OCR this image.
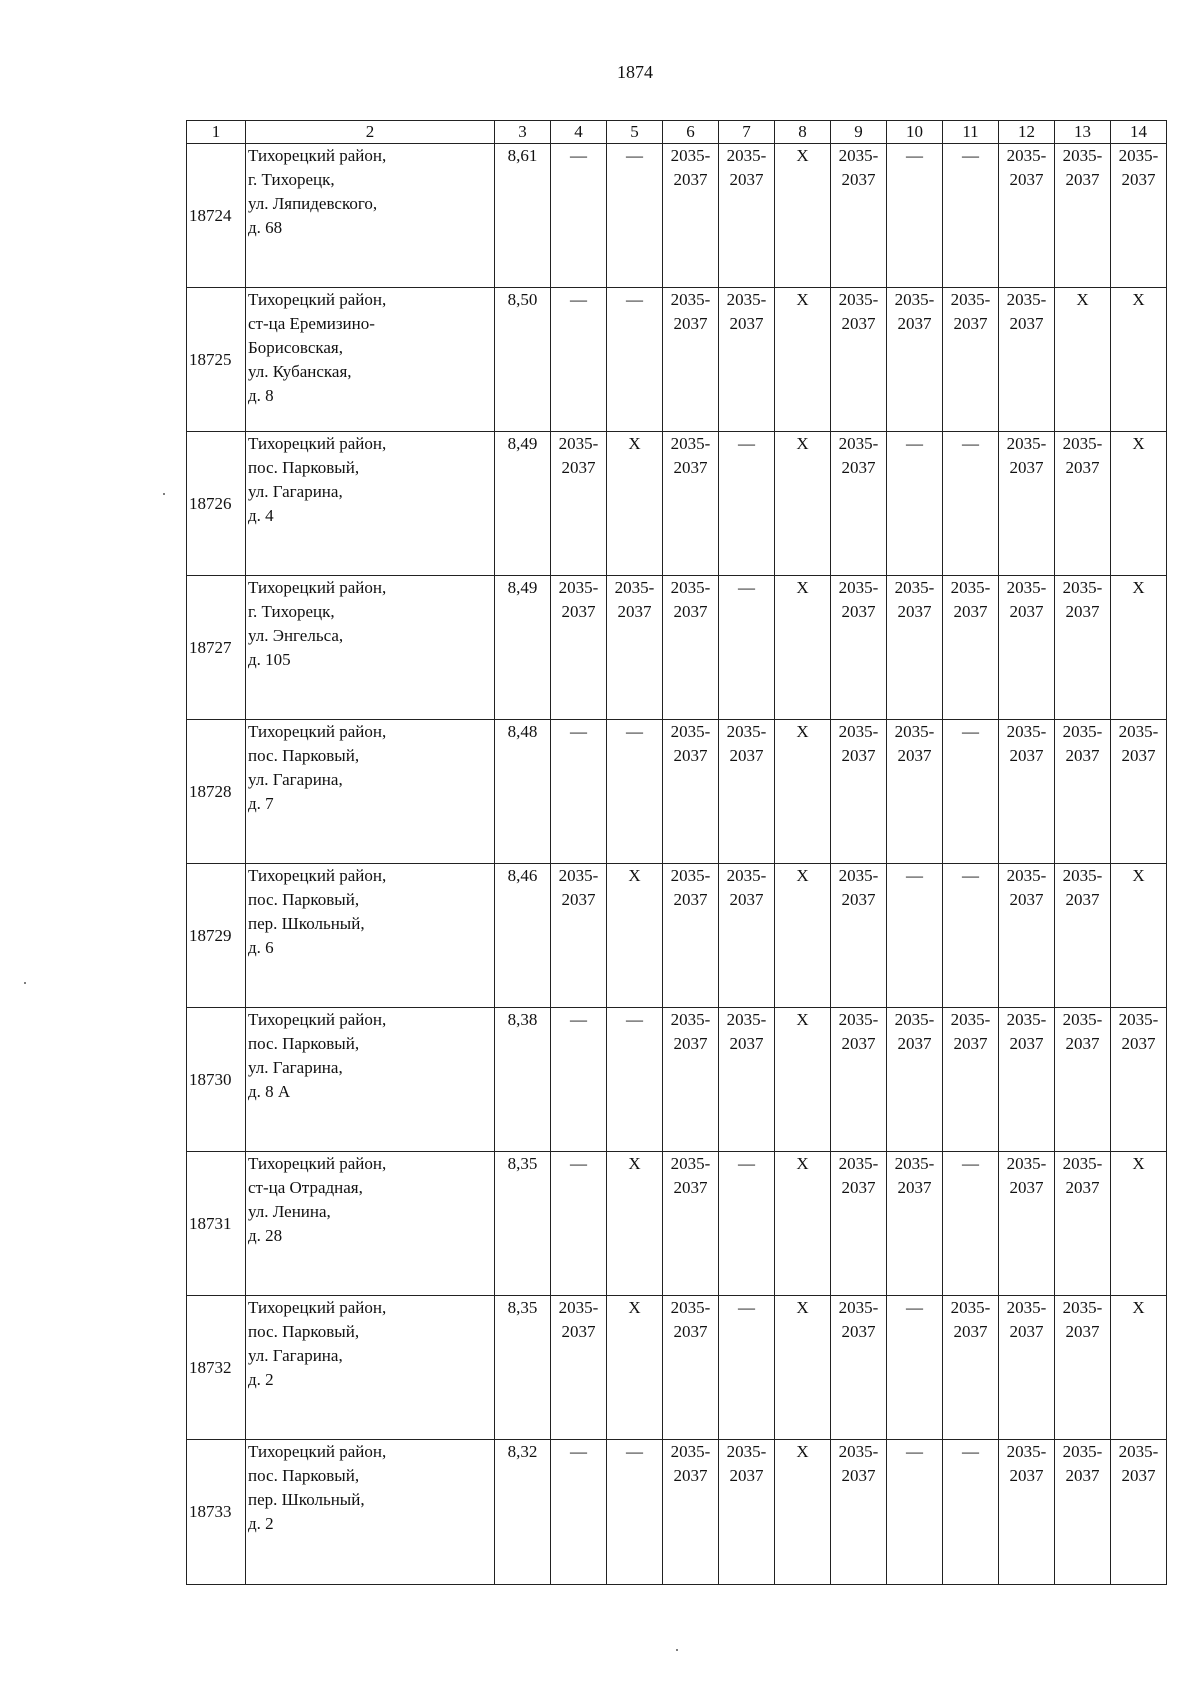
1874
1	2	3	4	5	6	7	8	9	10	11	12	13	14
18724	Тихорецкий район,
г. Тихорецк,
ул. Ляпидевского,
д. 68	8,61	—	—	2035-
2037	2035-
2037	X	2035-
2037	—	—	2035-
2037	2035-
2037	2035-
2037

18725	Тихорецкий район,
ст-ца Еремизино-
Борисовская,
ул. Кубанская,
д. 8	8,50	—	—	2035-
2037	2035-
2037	X	2035-
2037	2035-
2037	2035-
2037	2035-
2037	X	X

18726	Тихорецкий район,
пос. Парковый,
ул. Гагарина,
д. 4	8,49	2035-
2037	X	2035-
2037	—	X	2035-
2037	—	—	2035-
2037	2035-
2037	X

18727	Тихорецкий район,
г. Тихорецк,
ул. Энгельса,
д. 105	8,49	2035-
2037	2035-
2037	2035-
2037	—	X	2035-
2037	2035-
2037	2035-
2037	2035-
2037	2035-
2037	X

18728	Тихорецкий район,
пос. Парковый,
ул. Гагарина,
д. 7	8,48	—	—	2035-
2037	2035-
2037	X	2035-
2037	2035-
2037	—	2035-
2037	2035-
2037	2035-
2037

18729	Тихорецкий район,
пос. Парковый,
пер. Школьный,
д. 6	8,46	2035-
2037	X	2035-
2037	2035-
2037	X	2035-
2037	—	—	2035-
2037	2035-
2037	X

18730	Тихорецкий район,
пос. Парковый,
ул. Гагарина,
д. 8 А	8,38	—	—	2035-
2037	2035-
2037	X	2035-
2037	2035-
2037	2035-
2037	2035-
2037	2035-
2037	2035-
2037

18731	Тихорецкий район,
ст-ца Отрадная,
ул. Ленина,
д. 28	8,35	—	X	2035-
2037	—	X	2035-
2037	2035-
2037	—	2035-
2037	2035-
2037	X

18732	Тихорецкий район,
пос. Парковый,
ул. Гагарина,
д. 2	8,35	2035-
2037	X	2035-
2037	—	X	2035-
2037	—	2035-
2037	2035-
2037	2035-
2037	X

18733	Тихорецкий район,
пос. Парковый,
пер. Школьный,
д. 2	8,32	—	—	2035-
2037	2035-
2037	X	2035-
2037	—	—	2035-
2037	2035-
2037	2035-
2037
